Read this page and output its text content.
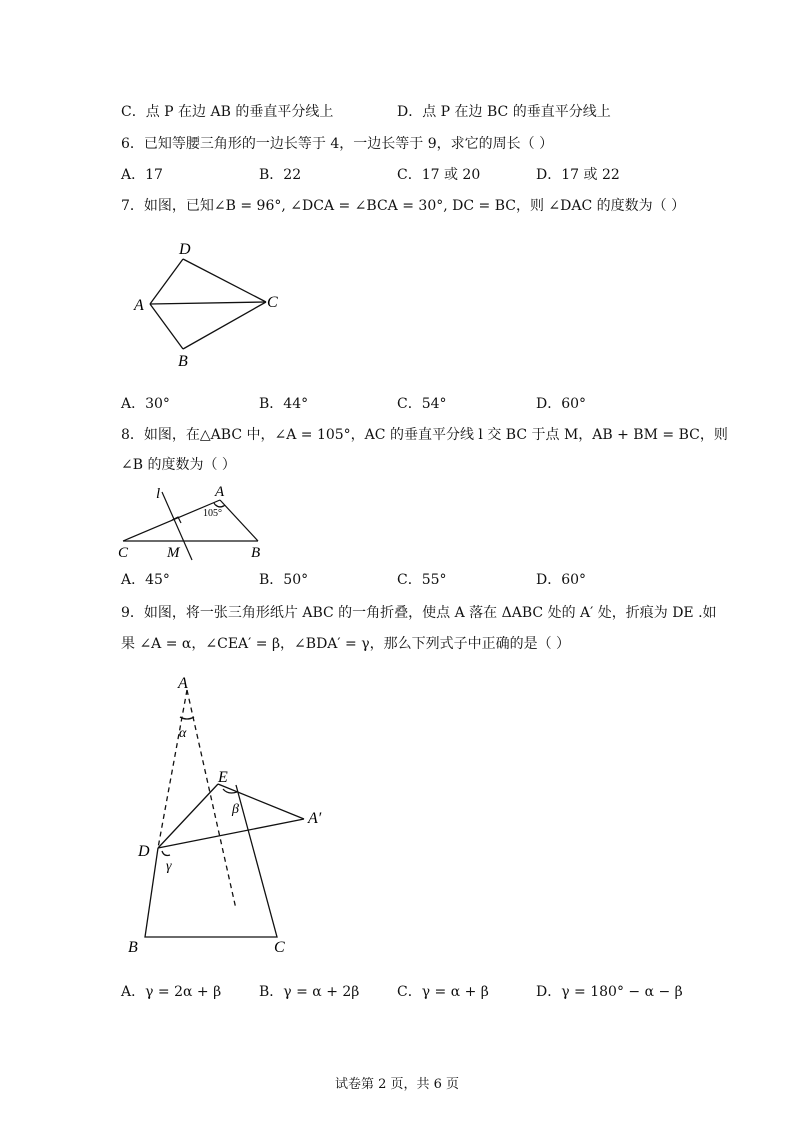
C．点 P 在边 AB 的垂直平分线上	D．点 P 在边 BC 的垂直平分线上
6．已知等腰三角形的一边长等于 4，一边长等于 9，求它的周长（ ）
A．17	B．22	C．17 或 20	D．17 或 22
7．如图，已知∠B = 96°, ∠DCA = ∠BCA = 30°, DC = BC，则 ∠DAC 的度数为（ ）
D
A	C
B
A．30°	B．44°	C．54°	D．60°
8．如图，在△ABC 中，∠A = 105°，AC 的垂直平分线 l 交 BC 于点 M，AB + BM = BC，则
∠B 的度数为（ ）
l	A
105°
C	M	B
A．45°	B．50°	C．55°	D．60°
9．如图，将一张三角形纸片 ABC 的一角折叠，使点 A 落在 ΔABC 处的 A′ 处，折痕为 DE .如
果 ∠A = α，∠CEA′ = β，∠BDA′ = γ，那么下列式子中正确的是（ ）
A
α
E
β
A′
D
γ
B	C
A．γ = 2α + β	B．γ = α + 2β	C．γ = α + β	D．γ = 180° − α − β
试卷第 2 页，共 6 页
